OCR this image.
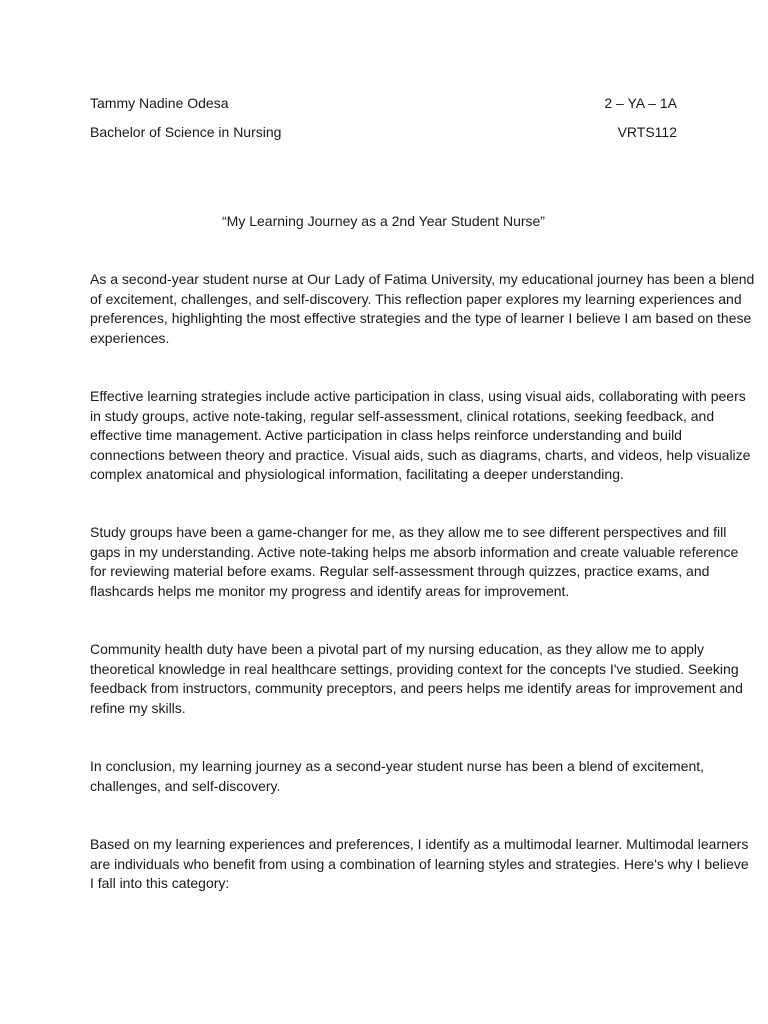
Tammy Nadine Odesa	2 – YA – 1A
Bachelor of Science in Nursing	VRTS112
“My Learning Journey as a 2nd Year Student Nurse”
As a second-year student nurse at Our Lady of Fatima University, my educational journey has been a blend
of excitement, challenges, and self-discovery. This reflection paper explores my learning experiences and
preferences, highlighting the most effective strategies and the type of learner I believe I am based on these
experiences.
Effective learning strategies include active participation in class, using visual aids, collaborating with peers
in study groups, active note-taking, regular self-assessment, clinical rotations, seeking feedback, and
effective time management. Active participation in class helps reinforce understanding and build
connections between theory and practice. Visual aids, such as diagrams, charts, and videos, help visualize
complex anatomical and physiological information, facilitating a deeper understanding.
Study groups have been a game-changer for me, as they allow me to see different perspectives and fill
gaps in my understanding. Active note-taking helps me absorb information and create valuable reference
for reviewing material before exams. Regular self-assessment through quizzes, practice exams, and
flashcards helps me monitor my progress and identify areas for improvement.
Community health duty have been a pivotal part of my nursing education, as they allow me to apply
theoretical knowledge in real healthcare settings, providing context for the concepts I've studied. Seeking
feedback from instructors, community preceptors, and peers helps me identify areas for improvement and
refine my skills.
In conclusion, my learning journey as a second-year student nurse has been a blend of excitement,
challenges, and self-discovery.
Based on my learning experiences and preferences, I identify as a multimodal learner. Multimodal learners
are individuals who benefit from using a combination of learning styles and strategies. Here's why I believe
I fall into this category:
